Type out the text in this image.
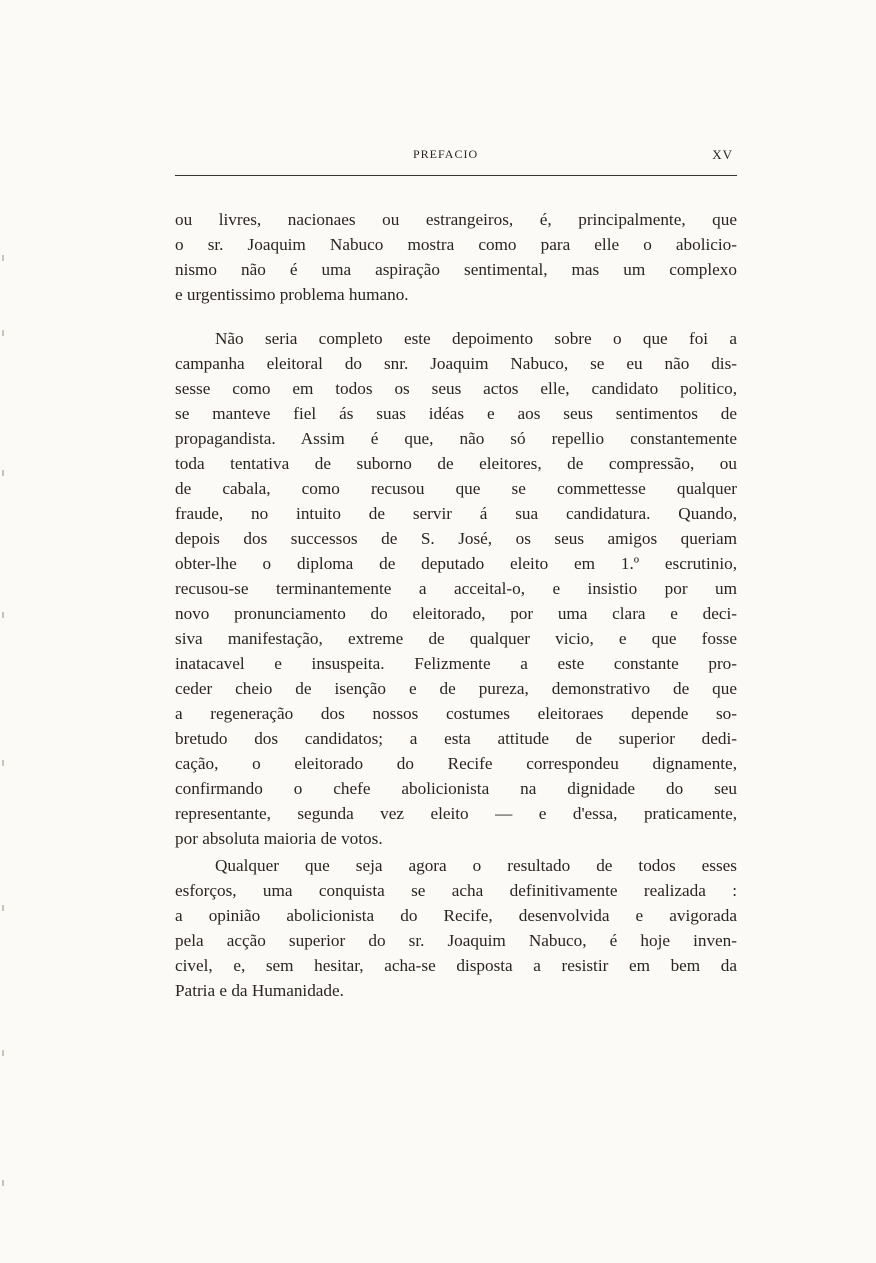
PREFACIO	XV
ou livres, nacionaes ou estrangeiros, é, principalmente, que
o sr. Joaquim Nabuco mostra como para elle o abolicio-
nismo não é uma aspiração sentimental, mas um complexo
e urgentissimo problema humano.
Não seria completo este depoimento sobre o que foi a
campanha eleitoral do snr. Joaquim Nabuco, se eu não dis-
sesse como em todos os seus actos elle, candidato politico,
se manteve fiel ás suas idéas e aos seus sentimentos de
propagandista. Assim é que, não só repellio constantemente
toda tentativa de suborno de eleitores, de compressão, ou
de cabala, como recusou que se commettesse qualquer
fraude, no intuito de servir á sua candidatura. Quando,
depois dos successos de S. José, os seus amigos queriam
obter-lhe o diploma de deputado eleito em 1.º escrutinio,
recusou-se terminantemente a acceital-o, e insistio por um
novo pronunciamento do eleitorado, por uma clara e deci-
siva manifestação, extreme de qualquer vicio, e que fosse
inatacavel e insuspeita. Felizmente a este constante pro-
ceder cheio de isenção e de pureza, demonstrativo de que
a regeneração dos nossos costumes eleitoraes depende so-
bretudo dos candidatos; a esta attitude de superior dedi-
cação, o eleitorado do Recife correspondeu dignamente,
confirmando o chefe abolicionista na dignidade do seu
representante, segunda vez eleito — e d'essa, praticamente,
por absoluta maioria de votos.
Qualquer que seja agora o resultado de todos esses
esforços, uma conquista se acha definitivamente realizada :
a opinião abolicionista do Recife, desenvolvida e avigorada
pela acção superior do sr. Joaquim Nabuco, é hoje inven-
civel, e, sem hesitar, acha-se disposta a resistir em bem da
Patria e da Humanidade.
